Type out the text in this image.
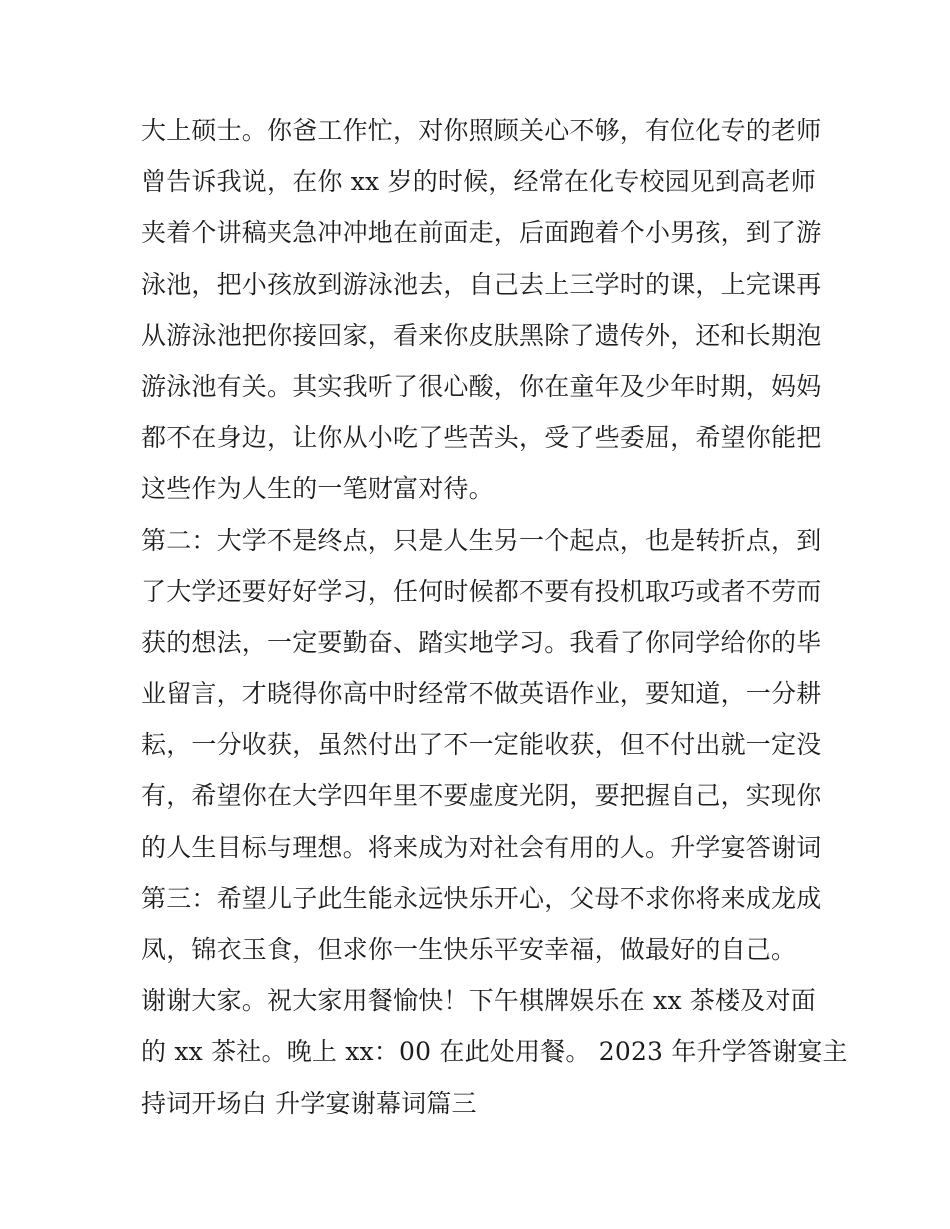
大上硕士。你爸工作忙，对你照顾关心不够，有位化专的老师
曾告诉我说，在你 xx 岁的时候，经常在化专校园见到高老师
夹着个讲稿夹急冲冲地在前面走，后面跑着个小男孩，到了游
泳池，把小孩放到游泳池去，自己去上三学时的课，上完课再
从游泳池把你接回家，看来你皮肤黑除了遗传外，还和长期泡
游泳池有关。其实我听了很心酸，你在童年及少年时期，妈妈
都不在身边，让你从小吃了些苦头，受了些委屈，希望你能把
这些作为人生的一笔财富对待。
第二：大学不是终点，只是人生另一个起点，也是转折点，到
了大学还要好好学习，任何时候都不要有投机取巧或者不劳而
获的想法，一定要勤奋、踏实地学习。我看了你同学给你的毕
业留言，才晓得你高中时经常不做英语作业，要知道，一分耕
耘，一分收获，虽然付出了不一定能收获，但不付出就一定没
有，希望你在大学四年里不要虚度光阴，要把握自己，实现你
的人生目标与理想。将来成为对社会有用的人。升学宴答谢词
第三：希望儿子此生能永远快乐开心，父母不求你将来成龙成
凤，锦衣玉食，但求你一生快乐平安幸福，做最好的自己。
谢谢大家。祝大家用餐愉快！下午棋牌娱乐在 xx 茶楼及对面
的 xx 茶社。晚上 xx：00 在此处用餐。 2023 年升学答谢宴主
持词开场白 升学宴谢幕词篇三
